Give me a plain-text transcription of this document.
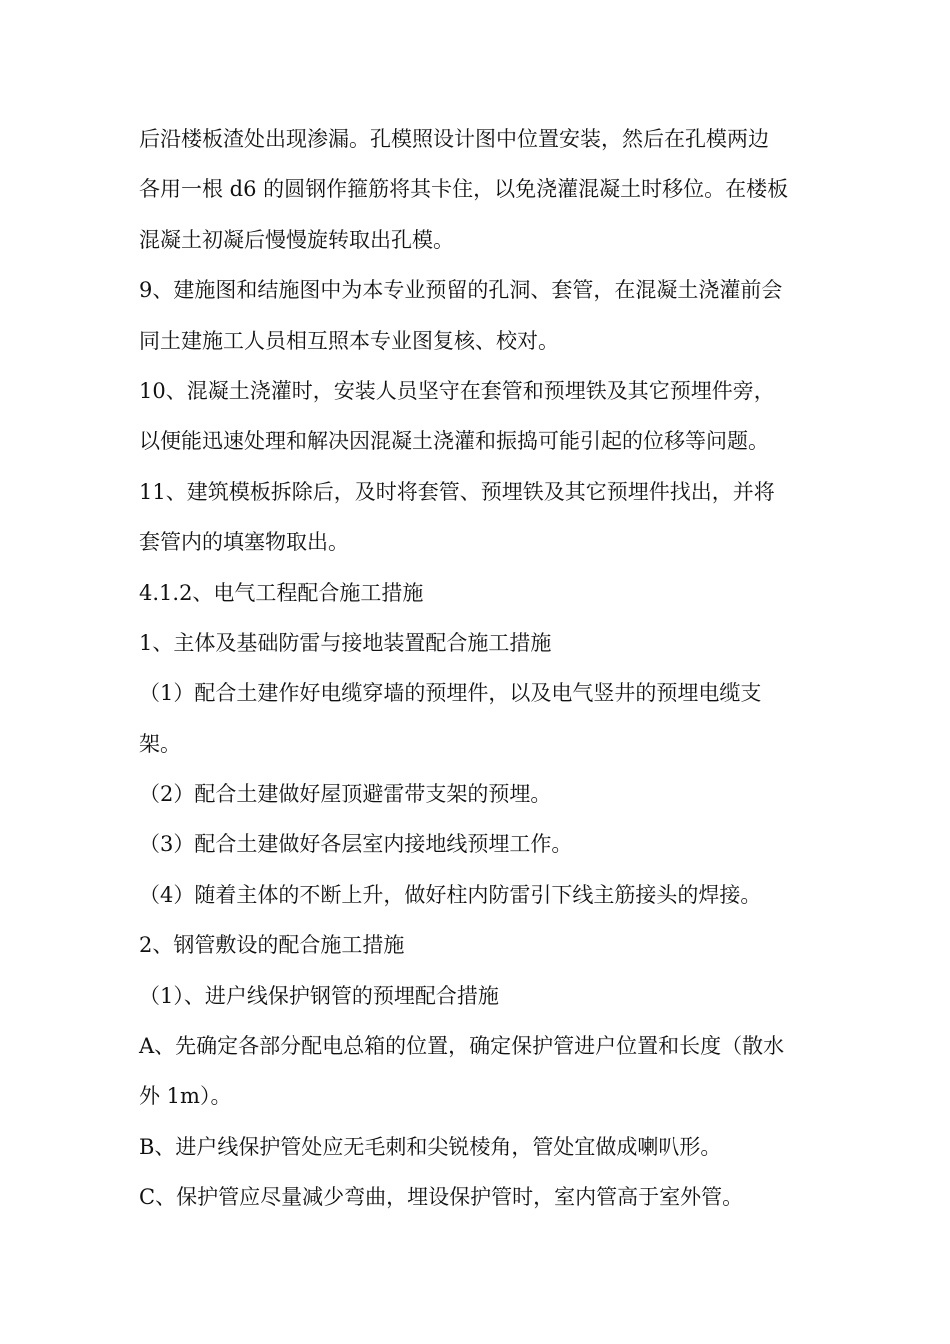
后沿楼板渣处出现渗漏。孔模照设计图中位置安装，然后在孔模两边

各用一根 d6 的圆钢作箍筋将其卡住，以免浇灌混凝土时移位。在楼板

混凝土初凝后慢慢旋转取出孔模。

9、建施图和结施图中为本专业预留的孔洞、套管，在混凝土浇灌前会

同土建施工人员相互照本专业图复核、校对。

10、混凝土浇灌时，安装人员坚守在套管和预埋铁及其它预埋件旁，

以便能迅速处理和解决因混凝土浇灌和振捣可能引起的位移等问题。

11、建筑模板拆除后，及时将套管、预埋铁及其它预埋件找出，并将

套管内的填塞物取出。

4.1.2、电气工程配合施工措施

1、主体及基础防雷与接地装置配合施工措施

（1）配合土建作好电缆穿墙的预埋件，以及电气竖井的预埋电缆支

架。

（2）配合土建做好屋顶避雷带支架的预埋。

（3）配合土建做好各层室内接地线预埋工作。

（4）随着主体的不断上升，做好柱内防雷引下线主筋接头的焊接。

2、钢管敷设的配合施工措施

（1）、进户线保护钢管的预埋配合措施

A、先确定各部分配电总箱的位置，确定保护管进户位置和长度（散水

外 1m）。

B、进户线保护管处应无毛刺和尖锐棱角，管处宜做成喇叭形。

C、保护管应尽量减少弯曲，埋设保护管时，室内管高于室外管。
